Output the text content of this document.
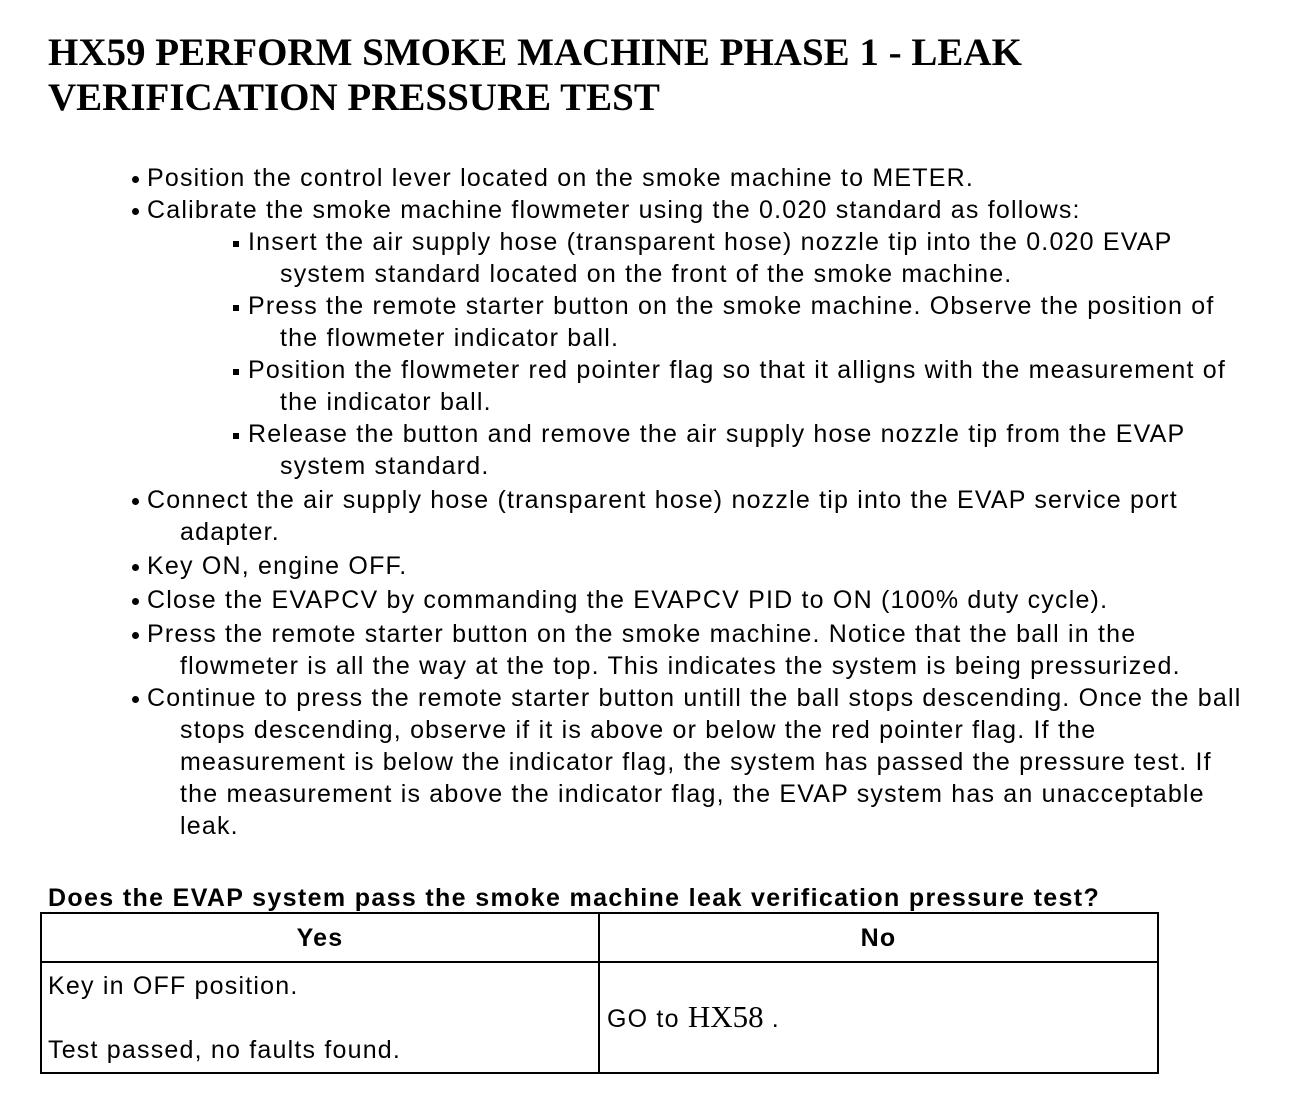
HX59 PERFORM SMOKE MACHINE PHASE 1 - LEAK
VERIFICATION PRESSURE TEST
Position the control lever located on the smoke machine to METER.
Calibrate the smoke machine flowmeter using the 0.020 standard as follows:
Insert the air supply hose (transparent hose) nozzle tip into the 0.020 EVAP
system standard located on the front of the smoke machine.
Press the remote starter button on the smoke machine. Observe the position of
the flowmeter indicator ball.
Position the flowmeter red pointer flag so that it alligns with the measurement of
the indicator ball.
Release the button and remove the air supply hose nozzle tip from the EVAP
system standard.
Connect the air supply hose (transparent hose) nozzle tip into the EVAP service port
adapter.
Key ON, engine OFF.
Close the EVAPCV by commanding the EVAPCV PID to ON (100% duty cycle).
Press the remote starter button on the smoke machine. Notice that the ball in the
flowmeter is all the way at the top. This indicates the system is being pressurized.
Continue to press the remote starter button untill the ball stops descending. Once the ball
stops descending, observe if it is above or below the red pointer flag. If the
measurement is below the indicator flag, the system has passed the pressure test. If
the measurement is above the indicator flag, the EVAP system has an unacceptable
leak.
Does the EVAP system pass the smoke machine leak verification pressure test?
Yes	No
Key in OFF position.
Test passed, no faults found.
GO to HX58 .
